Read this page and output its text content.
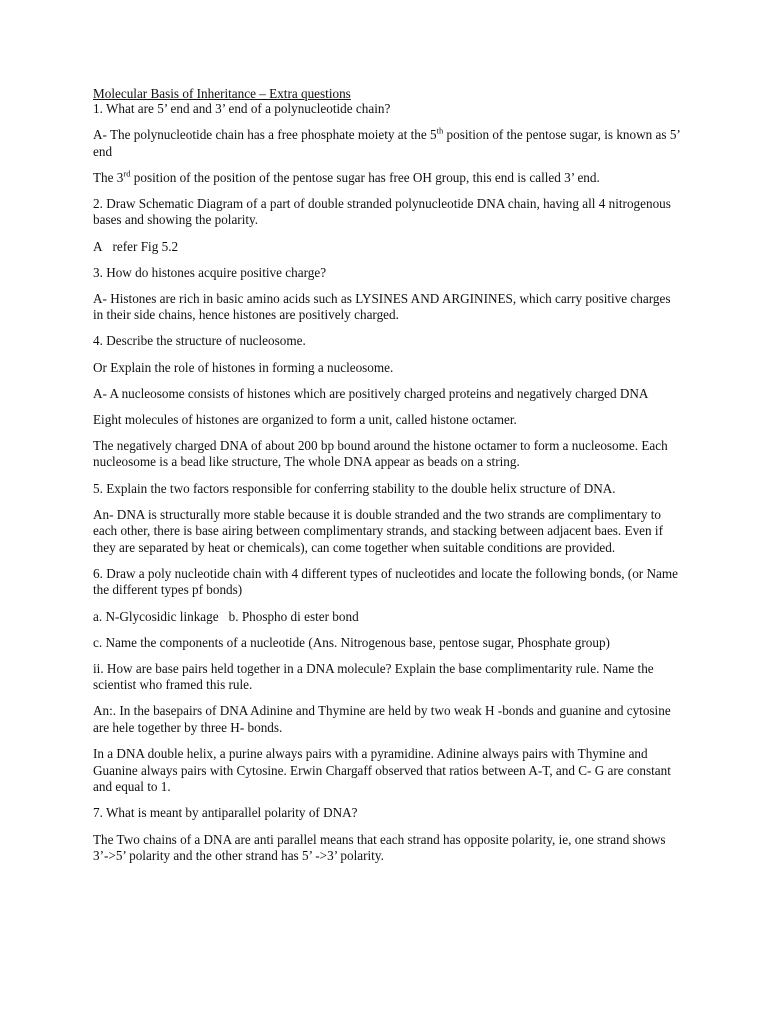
Molecular Basis of Inheritance – Extra questions

1. What are 5’ end and 3’ end of a polynucleotide chain?

A- The polynucleotide chain has a free phosphate moiety at the 5th position of the pentose sugar, is known as 5’ end

The 3rd position of the position of the pentose sugar has free OH group, this end is called 3’ end.

2. Draw Schematic Diagram of a part of double stranded polynucleotide DNA chain, having all 4 nitrogenous bases and showing the polarity.

A refer Fig 5.2

3. How do histones acquire positive charge?

A- Histones are rich in basic amino acids such as LYSINES AND ARGININES, which carry positive charges in their side chains, hence histones are positively charged.

4. Describe the structure of nucleosome.

Or Explain the role of histones in forming a nucleosome.

A- A nucleosome consists of histones which are positively charged proteins and negatively charged DNA

Eight molecules of histones are organized to form a unit, called histone octamer.

The negatively charged DNA of about 200 bp bound around the histone octamer to form a nucleosome. Each nucleosome is a bead like structure, The whole DNA appear as beads on a string.

5. Explain the two factors responsible for conferring stability to the double helix structure of DNA.

An- DNA is structurally more stable because it is double stranded and the two strands are complimentary to each other, there is base airing between complimentary strands, and stacking between adjacent baes. Even if they are separated by heat or chemicals), can come together when suitable conditions are provided.

6. Draw a poly nucleotide chain with 4 different types of nucleotides and locate the following bonds, (or Name the different types pf bonds)

a. N-Glycosidic linkage b. Phospho di ester bond

c. Name the components of a nucleotide (Ans. Nitrogenous base, pentose sugar, Phosphate group)

ii. How are base pairs held together in a DNA molecule? Explain the base complimentarity rule. Name the scientist who framed this rule.

An:. In the basepairs of DNA Adinine and Thymine are held by two weak H -bonds and guanine and cytosine are hele together by three H- bonds.

In a DNA double helix, a purine always pairs with a pyramidine. Adinine always pairs with Thymine and Guanine always pairs with Cytosine. Erwin Chargaff observed that ratios between A-T, and C- G are constant and equal to 1.

7. What is meant by antiparallel polarity of DNA?

The Two chains of a DNA are anti parallel means that each strand has opposite polarity, ie, one strand shows 3’->5’ polarity and the other strand has 5’ ->3’ polarity.
